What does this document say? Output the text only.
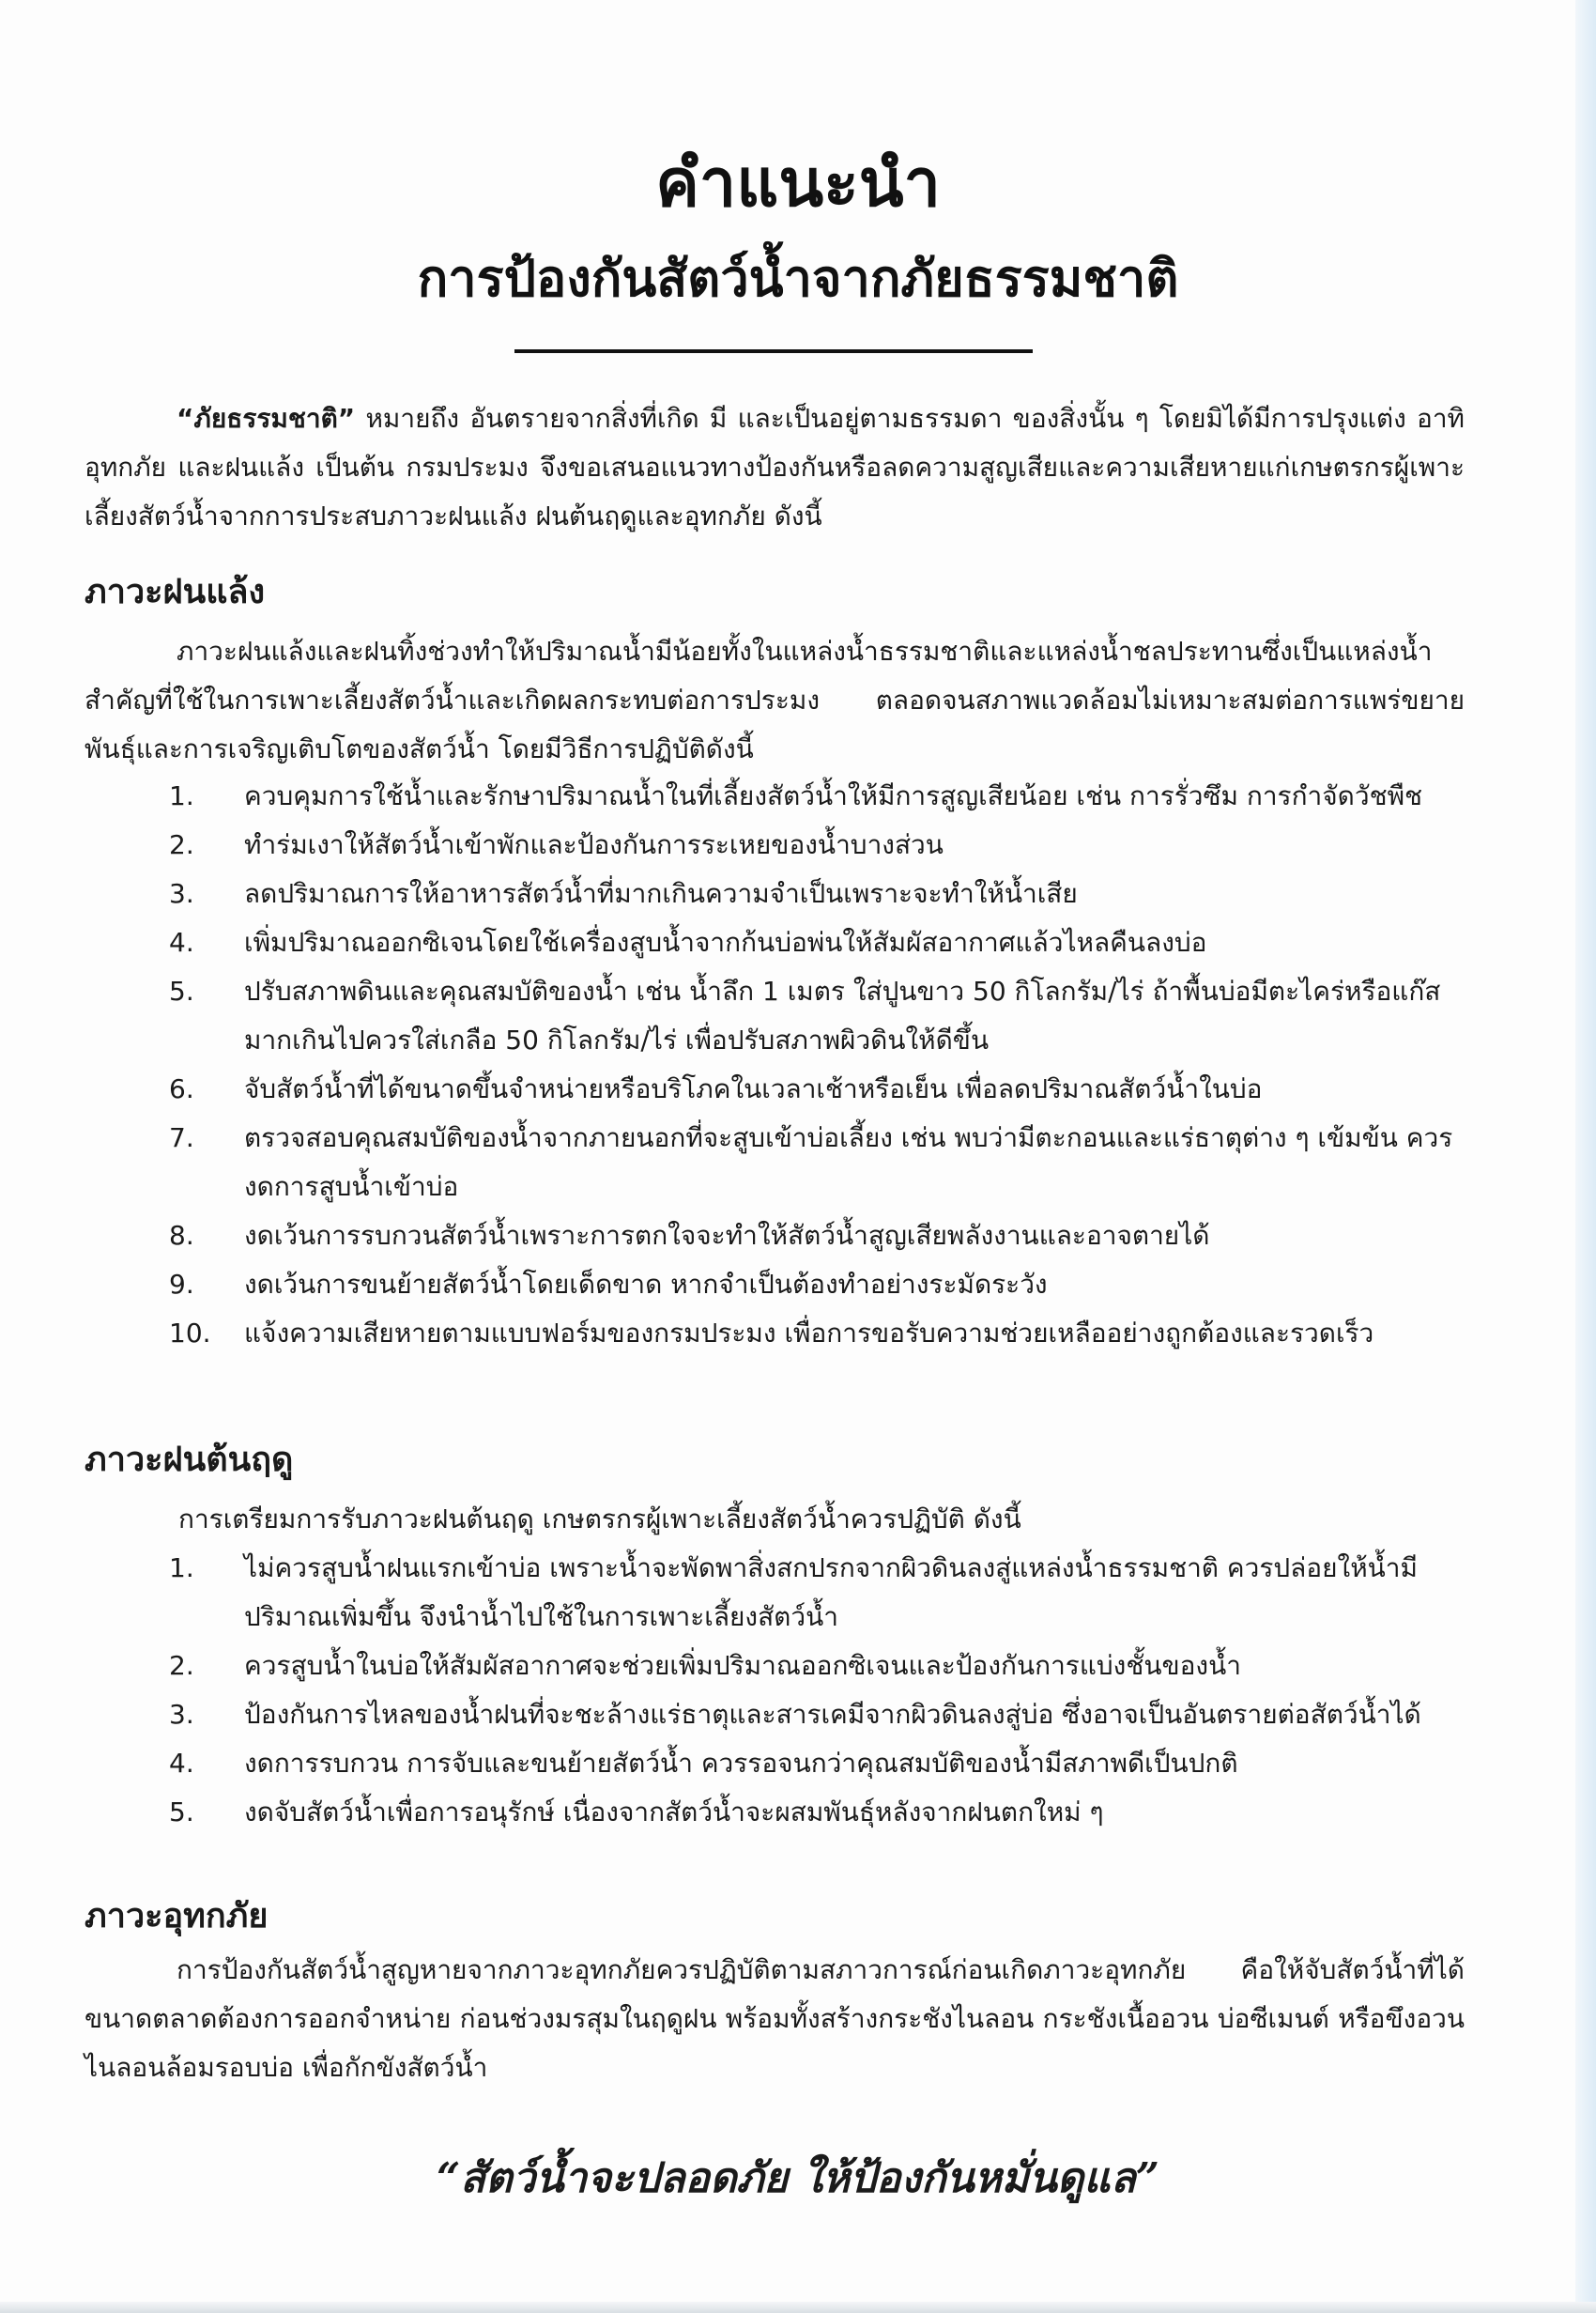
คำแนะนำ
การป้องกันสัตว์น้ำจากภัยธรรมชาติ
“ภัยธรรมชาติ” หมายถึง อันตรายจากสิ่งที่เกิด มี และเป็นอยู่ตามธรรมดา ของสิ่งนั้น ๆ โดยมิได้มีการปรุงแต่ง อาทิ อุทกภัย และฝนแล้ง เป็นต้น กรมประมง จึงขอเสนอแนวทางป้องกันหรือลดความสูญเสียและความเสียหายแก่เกษตรกรผู้เพาะเลี้ยงสัตว์น้ำจากการประสบภาวะฝนแล้ง ฝนต้นฤดูและอุทกภัย ดังนี้
ภาวะฝนแล้ง
ภาวะฝนแล้งและฝนทิ้งช่วงทำให้ปริมาณน้ำมีน้อยทั้งในแหล่งน้ำธรรมชาติและแหล่งน้ำชลประทานซึ่งเป็นแหล่งน้ำสำคัญที่ใช้ในการเพาะเลี้ยงสัตว์น้ำและเกิดผลกระทบต่อการประมง ตลอดจนสภาพแวดล้อมไม่เหมาะสมต่อการแพร่ขยายพันธุ์และการเจริญเติบโตของสัตว์น้ำ โดยมีวิธีการปฏิบัติดังนี้
1. ควบคุมการใช้น้ำและรักษาปริมาณน้ำในที่เลี้ยงสัตว์น้ำให้มีการสูญเสียน้อย เช่น การรั่วซึม การกำจัดวัชพืช
2. ทำร่มเงาให้สัตว์น้ำเข้าพักและป้องกันการระเหยของน้ำบางส่วน
3. ลดปริมาณการให้อาหารสัตว์น้ำที่มากเกินความจำเป็นเพราะจะทำให้น้ำเสีย
4. เพิ่มปริมาณออกซิเจนโดยใช้เครื่องสูบน้ำจากก้นบ่อพ่นให้สัมผัสอากาศแล้วไหลคืนลงบ่อ
5. ปรับสภาพดินและคุณสมบัติของน้ำ เช่น น้ำลึก 1 เมตร ใส่ปูนขาว 50 กิโลกรัม/ไร่ ถ้าพื้นบ่อมีตะไคร่หรือแก๊สมากเกินไปควรใส่เกลือ 50 กิโลกรัม/ไร่ เพื่อปรับสภาพผิวดินให้ดีขึ้น
6. จับสัตว์น้ำที่ได้ขนาดขึ้นจำหน่ายหรือบริโภคในเวลาเช้าหรือเย็น เพื่อลดปริมาณสัตว์น้ำในบ่อ
7. ตรวจสอบคุณสมบัติของน้ำจากภายนอกที่จะสูบเข้าบ่อเลี้ยง เช่น พบว่ามีตะกอนและแร่ธาตุต่าง ๆ เข้มข้น ควรงดการสูบน้ำเข้าบ่อ
8. งดเว้นการรบกวนสัตว์น้ำเพราะการตกใจจะทำให้สัตว์น้ำสูญเสียพลังงานและอาจตายได้
9. งดเว้นการขนย้ายสัตว์น้ำโดยเด็ดขาด หากจำเป็นต้องทำอย่างระมัดระวัง
10. แจ้งความเสียหายตามแบบฟอร์มของกรมประมง เพื่อการขอรับความช่วยเหลืออย่างถูกต้องและรวดเร็ว
ภาวะฝนต้นฤดู
การเตรียมการรับภาวะฝนต้นฤดู เกษตรกรผู้เพาะเลี้ยงสัตว์น้ำควรปฏิบัติ ดังนี้
1. ไม่ควรสูบน้ำฝนแรกเข้าบ่อ เพราะน้ำจะพัดพาสิ่งสกปรกจากผิวดินลงสู่แหล่งน้ำธรรมชาติ ควรปล่อยให้น้ำมีปริมาณเพิ่มขึ้น จึงนำน้ำไปใช้ในการเพาะเลี้ยงสัตว์น้ำ
2. ควรสูบน้ำในบ่อให้สัมผัสอากาศจะช่วยเพิ่มปริมาณออกซิเจนและป้องกันการแบ่งชั้นของน้ำ
3. ป้องกันการไหลของน้ำฝนที่จะชะล้างแร่ธาตุและสารเคมีจากผิวดินลงสู่บ่อ ซึ่งอาจเป็นอันตรายต่อสัตว์น้ำได้
4. งดการรบกวน การจับและขนย้ายสัตว์น้ำ ควรรอจนกว่าคุณสมบัติของน้ำมีสภาพดีเป็นปกติ
5. งดจับสัตว์น้ำเพื่อการอนุรักษ์ เนื่องจากสัตว์น้ำจะผสมพันธุ์หลังจากฝนตกใหม่ ๆ
ภาวะอุทกภัย
การป้องกันสัตว์น้ำสูญหายจากภาวะอุทกภัยควรปฏิบัติตามสภาวการณ์ก่อนเกิดภาวะอุทกภัย คือให้จับสัตว์น้ำที่ได้ขนาดตลาดต้องการออกจำหน่าย ก่อนช่วงมรสุมในฤดูฝน พร้อมทั้งสร้างกระชังไนลอน กระชังเนื้ออวน บ่อซีเมนต์ หรือขึงอวนไนลอนล้อมรอบบ่อ เพื่อกักขังสัตว์น้ำ
“สัตว์น้ำจะปลอดภัย ให้ป้องกันหมั่นดูแล”
